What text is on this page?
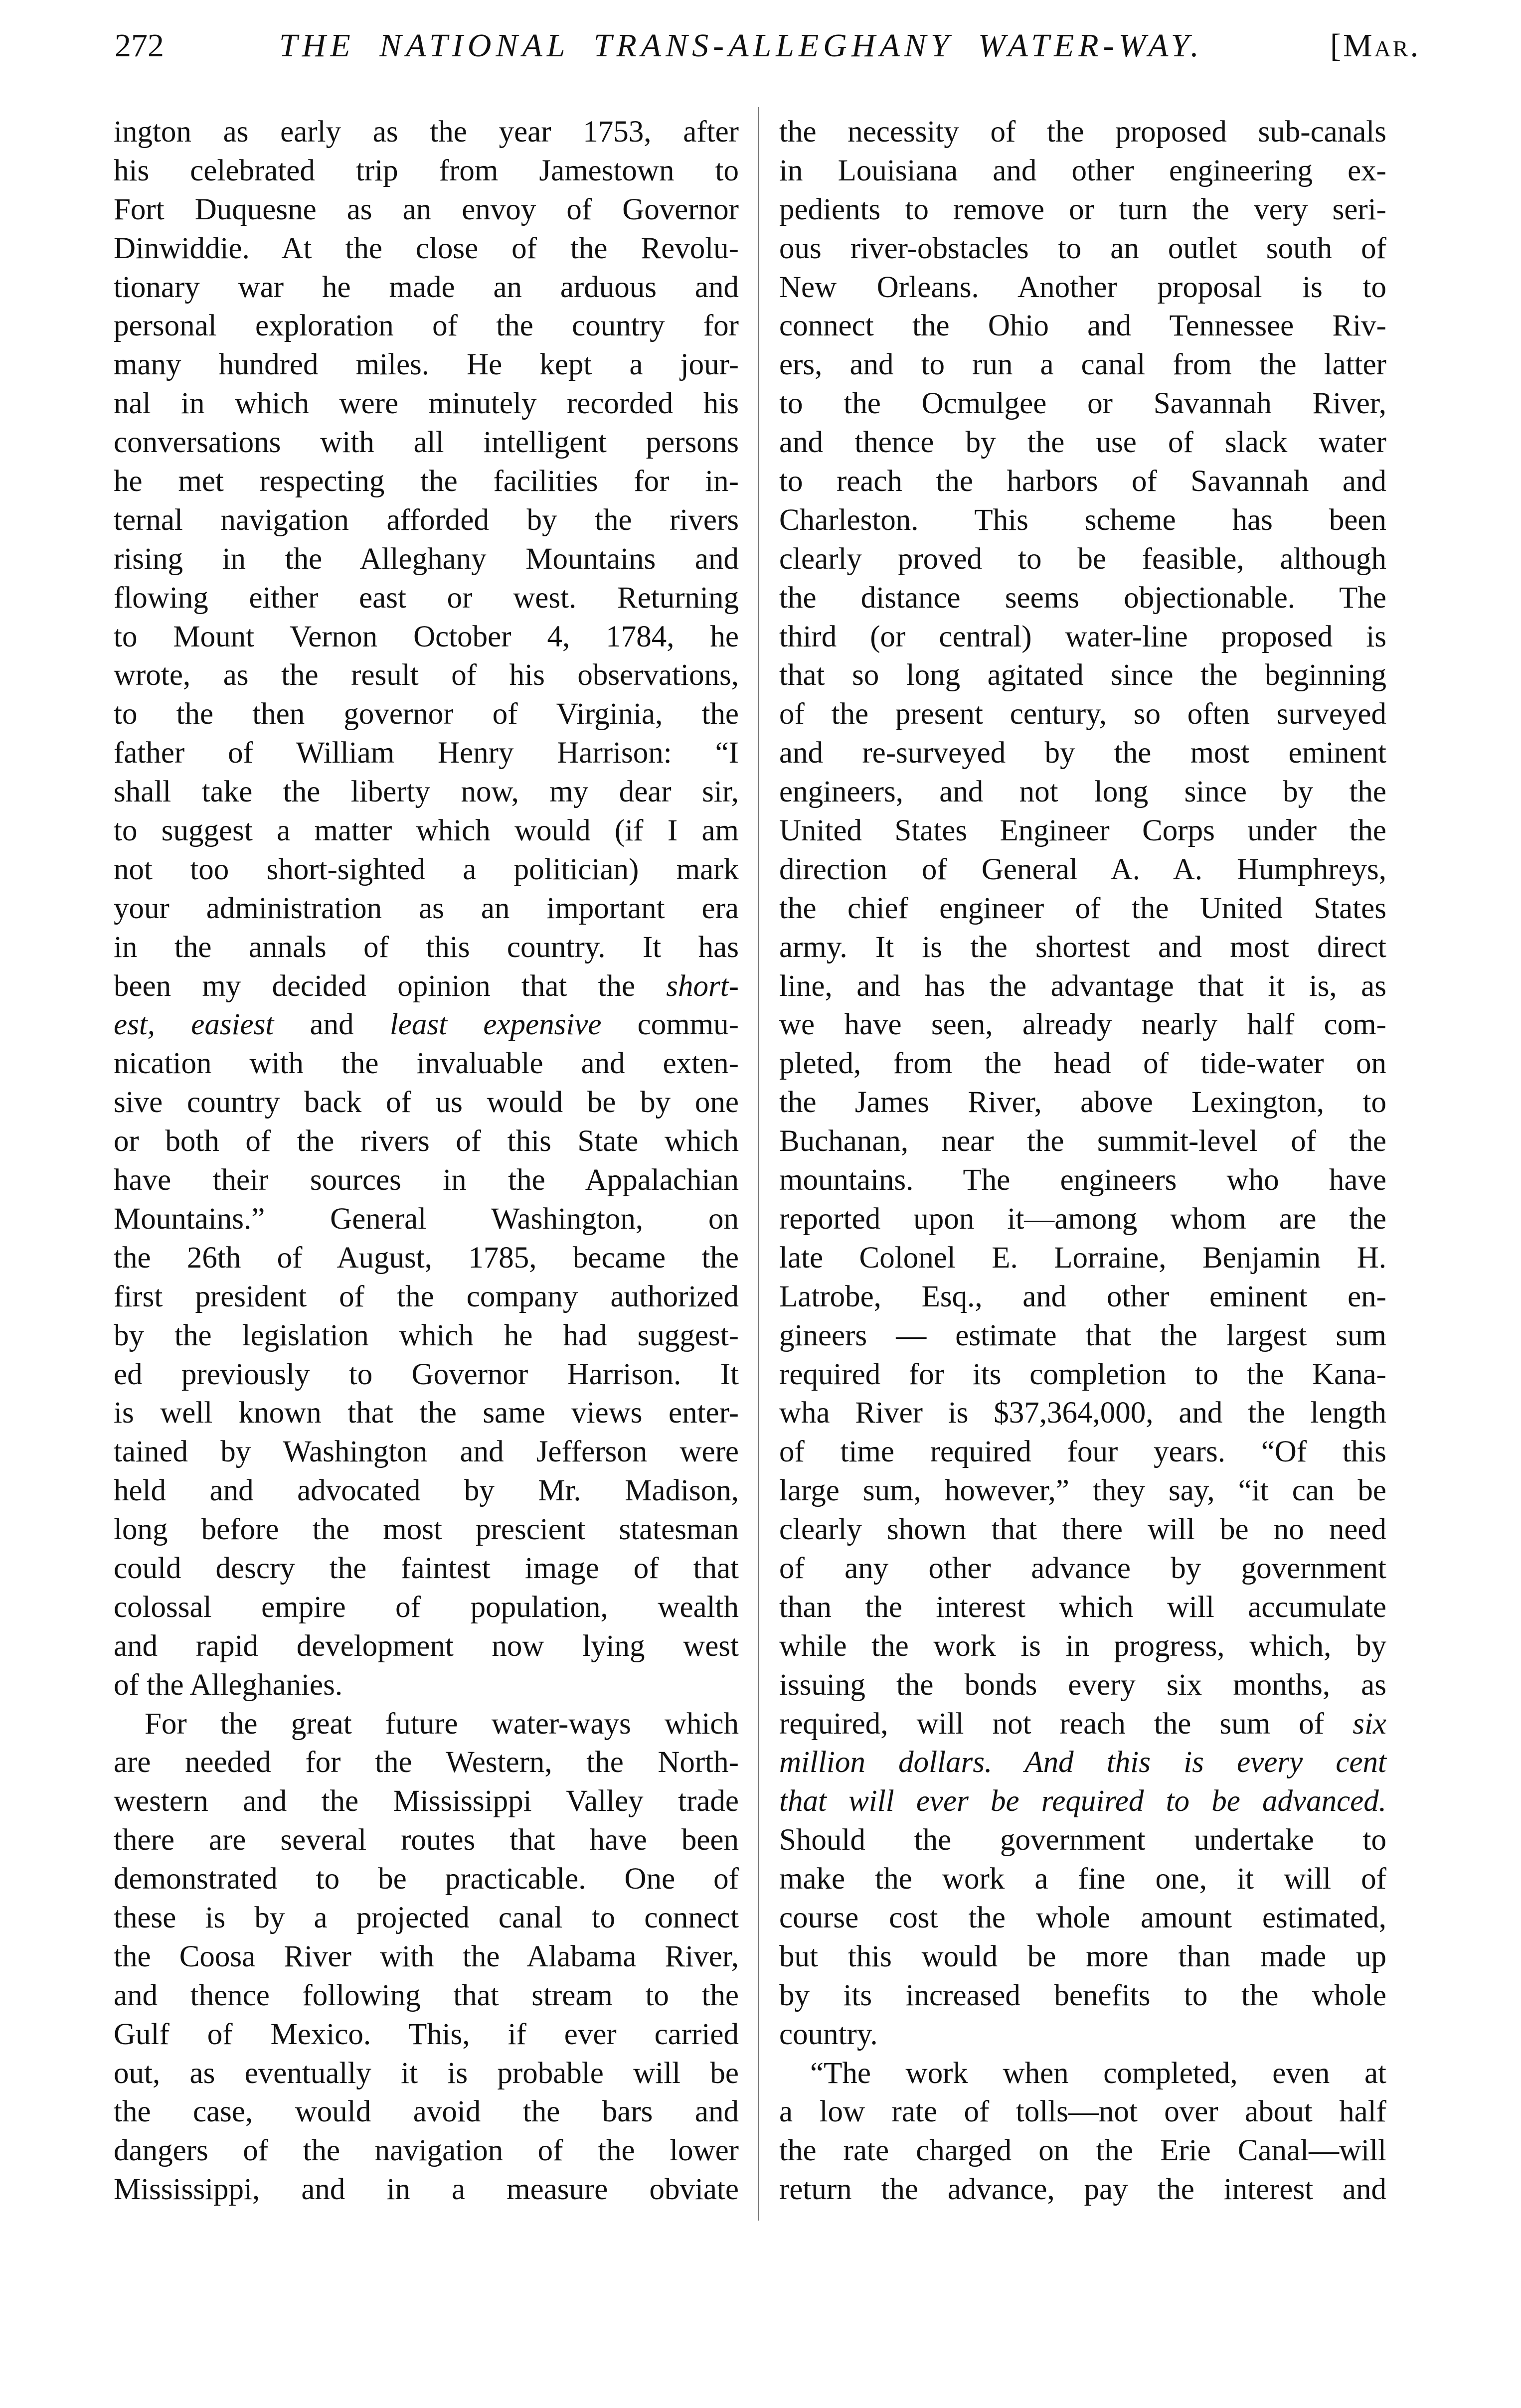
272	THE NATIONAL TRANS-ALLEGHANY WATER-WAY.	[Mar.
ington as early as the year 1753, after
his celebrated trip from Jamestown to
Fort Duquesne as an envoy of Governor
Dinwiddie. At the close of the Revolu-
tionary war he made an arduous and
personal exploration of the country for
many hundred miles. He kept a jour-
nal in which were minutely recorded his
conversations with all intelligent persons
he met respecting the facilities for in-
ternal navigation afforded by the rivers
rising in the Alleghany Mountains and
flowing either east or west. Returning
to Mount Vernon October 4, 1784, he
wrote, as the result of his observations,
to the then governor of Virginia, the
father of William Henry Harrison: “I
shall take the liberty now, my dear sir,
to suggest a matter which would (if I am
not too short-sighted a politician) mark
your administration as an important era
in the annals of this country. It has
been my decided opinion that the short-
est, easiest and least expensive commu-
nication with the invaluable and exten-
sive country back of us would be by one
or both of the rivers of this State which
have their sources in the Appalachian
Mountains.” General Washington, on
the 26th of August, 1785, became the
first president of the company authorized
by the legislation which he had suggest-
ed previously to Governor Harrison. It
is well known that the same views enter-
tained by Washington and Jefferson were
held and advocated by Mr. Madison,
long before the most prescient statesman
could descry the faintest image of that
colossal empire of population, wealth
and rapid development now lying west
of the Alleghanies.
For the great future water-ways which
are needed for the Western, the North-
western and the Mississippi Valley trade
there are several routes that have been
demonstrated to be practicable. One of
these is by a projected canal to connect
the Coosa River with the Alabama River,
and thence following that stream to the
Gulf of Mexico. This, if ever carried
out, as eventually it is probable will be
the case, would avoid the bars and
dangers of the navigation of the lower
Mississippi, and in a measure obviate
the necessity of the proposed sub-canals
in Louisiana and other engineering ex-
pedients to remove or turn the very seri-
ous river-obstacles to an outlet south of
New Orleans. Another proposal is to
connect the Ohio and Tennessee Riv-
ers, and to run a canal from the latter
to the Ocmulgee or Savannah River,
and thence by the use of slack water
to reach the harbors of Savannah and
Charleston. This scheme has been
clearly proved to be feasible, although
the distance seems objectionable. The
third (or central) water-line proposed is
that so long agitated since the beginning
of the present century, so often surveyed
and re-surveyed by the most eminent
engineers, and not long since by the
United States Engineer Corps under the
direction of General A. A. Humphreys,
the chief engineer of the United States
army. It is the shortest and most direct
line, and has the advantage that it is, as
we have seen, already nearly half com-
pleted, from the head of tide-water on
the James River, above Lexington, to
Buchanan, near the summit-level of the
mountains. The engineers who have
reported upon it—among whom are the
late Colonel E. Lorraine, Benjamin H.
Latrobe, Esq., and other eminent en-
gineers — estimate that the largest sum
required for its completion to the Kana-
wha River is $37,364,000, and the length
of time required four years. “Of this
large sum, however,” they say, “it can be
clearly shown that there will be no need
of any other advance by government
than the interest which will accumulate
while the work is in progress, which, by
issuing the bonds every six months, as
required, will not reach the sum of six
million dollars. And this is every cent
that will ever be required to be advanced.
Should the government undertake to
make the work a fine one, it will of
course cost the whole amount estimated,
but this would be more than made up
by its increased benefits to the whole
country.
“The work when completed, even at
a low rate of tolls—not over about half
the rate charged on the Erie Canal—will
return the advance, pay the interest and
